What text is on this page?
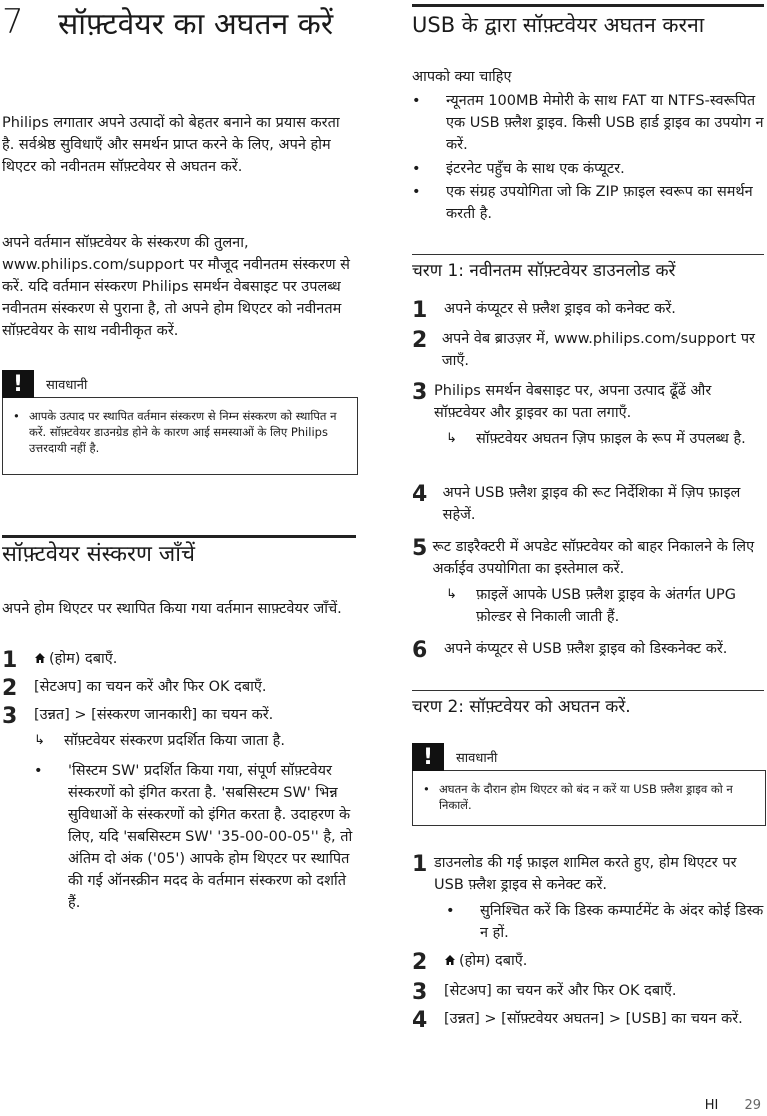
7	सॉफ़्टवेयर का अघतन करें
Philips लगातार अपने उत्पादों को बेहतर बनाने का प्रयास करता है. सर्वश्रेष्ठ सुविधाएँ और समर्थन प्राप्त करने के लिए, अपने होम थिएटर को नवीनतम सॉफ़्टवेयर से अघतन करें.
अपने वर्तमान सॉफ़्टवेयर के संस्करण की तुलना, www.philips.com/support पर मौजूद नवीनतम संस्करण से करें. यदि वर्तमान संस्करण Philips समर्थन वेबसाइट पर उपलब्ध नवीनतम संस्करण से पुराना है, तो अपने होम थिएटर को नवीनतम सॉफ़्टवेयर के साथ नवीनीकृत करें.
!	सावधानी
• आपके उत्पाद पर स्थापित वर्तमान संस्करण से निम्न संस्करण को स्थापित न करें. सॉफ़्टवेयर डाउनग्रेड होने के कारण आई समस्याओं के लिए Philips उत्तरदायी नहीं है.
सॉफ़्टवेयर संस्करण जाँचें
अपने होम थिएटर पर स्थापित किया गया वर्तमान साफ़्टवेयर जाँचें.
1	(होम) दबाएँ.
2	[सेटअप] का चयन करें और फिर OK दबाएँ.
3	[उन्नत] > [संस्करण जानकारी] का चयन करें.
↳	सॉफ़्टवेयर संस्करण प्रदर्शित किया जाता है.
•	'सिस्टम SW' प्रदर्शित किया गया, संपूर्ण सॉफ़्टवेयर संस्करणों को इंगित करता है. 'सबसिस्टम SW' भिन्न सुविधाओं के संस्करणों को इंगित करता है. उदाहरण के लिए, यदि 'सबसिस्टम SW' '35-00-00-05'' है, तो अंतिम दो अंक ('05') आपके होम थिएटर पर स्थापित की गई ऑनस्क्रीन मदद के वर्तमान संस्करण को दर्शाते हैं.
USB के द्वारा सॉफ़्टवेयर अघतन करना
आपको क्या चाहिए
•	न्यूनतम 100MB मेमोरी के साथ FAT या NTFS-स्वरूपित एक USB फ़्लैश ड्राइव. किसी USB हार्ड ड्राइव का उपयोग न करें.
•	इंटरनेट पहुँच के साथ एक कंप्यूटर.
•	एक संग्रह उपयोगिता जो कि ZIP फ़ाइल स्वरूप का समर्थन करती है.
चरण 1: नवीनतम सॉफ़्टवेयर डाउनलोड करें
1	अपने कंप्यूटर से फ़्लैश ड्राइव को कनेक्ट करें.
2	अपने वेब ब्राउज़र में, www.philips.com/support पर जाएँ.
3 Philips समर्थन वेबसाइट पर, अपना उत्पाद ढूँढें और सॉफ़्टवेयर और ड्राइवर का पता लगाएँ.
↳	सॉफ़्टवेयर अघतन ज़िप फ़ाइल के रूप में उपलब्ध है.
4	अपने USB फ़्लैश ड्राइव की रूट निर्देशिका में ज़िप फ़ाइल सहेजें.
5 रूट डाइरैक्टरी में अपडेट सॉफ़्टवेयर को बाहर निकालने के लिए अर्काईव उपयोगिता का इस्तेमाल करें.
↳	फ़ाइलें आपके USB फ़्लैश ड्राइव के अंतर्गत UPG फ़ोल्डर से निकाली जाती हैं.
6	अपने कंप्यूटर से USB फ़्लैश ड्राइव को डिस्कनेक्ट करें.
चरण 2: सॉफ़्टवेयर को अघतन करें.
!	सावधानी
• अघतन के दौरान होम थिएटर को बंद न करें या USB फ़्लैश ड्राइव को न निकालें.
1 डाउनलोड की गई फ़ाइल शामिल करते हुए, होम थिएटर पर USB फ़्लैश ड्राइव से कनेक्ट करें.
•	सुनिश्चित करें कि डिस्क कम्पार्टमेंट के अंदर कोई डिस्क न हों.
2	(होम) दबाएँ.
3	[सेटअप] का चयन करें और फिर OK दबाएँ.
4	[उन्नत] > [सॉफ़्टवेयर अघतन] > [USB] का चयन करें.
HI 29
